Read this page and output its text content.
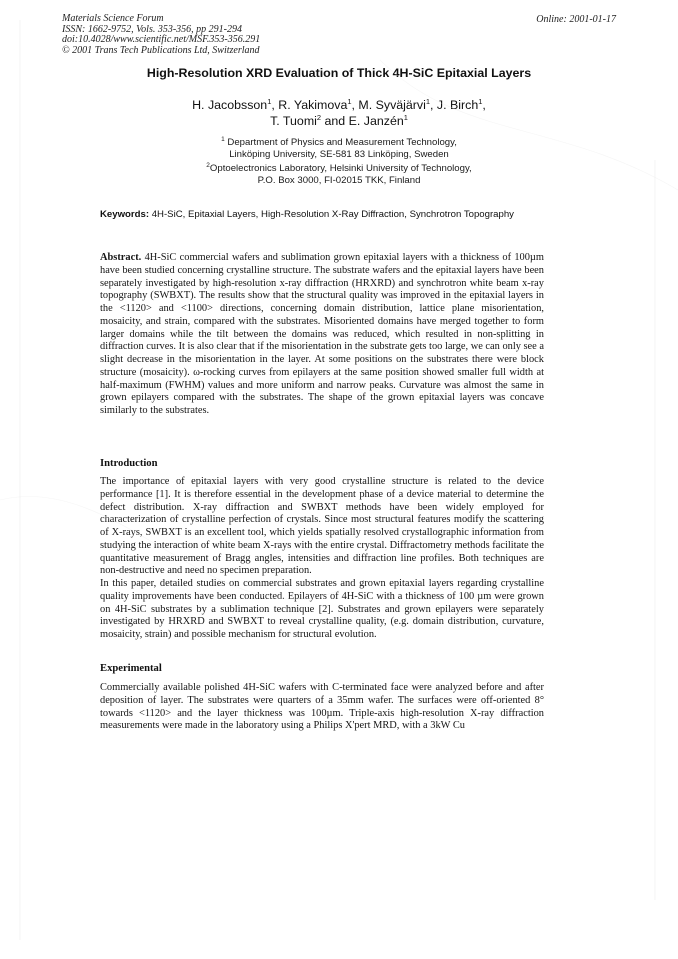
Materials Science Forum
ISSN: 1662-9752, Vols. 353-356, pp 291-294
doi:10.4028/www.scientific.net/MSF.353-356.291
© 2001 Trans Tech Publications Ltd, Switzerland
Online: 2001-01-17
High-Resolution XRD Evaluation of Thick 4H-SiC Epitaxial Layers
H. Jacobsson$^1$, R. Yakimova$^1$, M. Syväjärvi$^1$, J. Birch$^1$,
T. Tuomi$^2$ and E. Janzén$^1$
$^1$ Department of Physics and Measurement Technology,
Linköping University, SE-581 83 Linköping, Sweden
$^2$Optoelectronics Laboratory, Helsinki University of Technology,
P.O. Box 3000, FI-02015 TKK, Finland
Keywords: 4H-SiC, Epitaxial Layers, High-Resolution X-Ray Diffraction, Synchrotron Topography
Abstract. 4H-SiC commercial wafers and sublimation grown epitaxial layers with a thickness of 100µm have been studied concerning crystalline structure. The substrate wafers and the epitaxial layers have been separately investigated by high-resolution x-ray diffraction (HRXRD) and synchrotron white beam x-ray topography (SWBXT). The results show that the structural quality was improved in the epitaxial layers in the <1120> and <1100> directions, concerning domain distribution, lattice plane misorientation, mosaicity, and strain, compared with the substrates. Misoriented domains have merged together to form larger domains while the tilt between the domains was reduced, which resulted in non-splitting in diffraction curves. It is also clear that if the misorientation in the substrate gets too large, we can only see a slight decrease in the misorientation in the layer. At some positions on the substrates there were block structure (mosaicity). ω-rocking curves from epilayers at the same position showed smaller full width at half-maximum (FWHM) values and more uniform and narrow peaks. Curvature was almost the same in grown epilayers compared with the substrates. The shape of the grown epitaxial layers was concave similarly to the substrates.
Introduction

The importance of epitaxial layers with very good crystalline structure is related to the device performance [1]. It is therefore essential in the development phase of a device material to determine the defect distribution. X-ray diffraction and SWBXT methods have been widely employed for characterization of crystalline perfection of crystals. Since most structural features modify the scattering of X-rays, SWBXT is an excellent tool, which yields spatially resolved crystallographic information from studying the interaction of white beam X-rays with the entire crystal. Diffractometry methods facilitate the quantitative measurement of Bragg angles, intensities and diffraction line profiles. Both techniques are non-destructive and need no specimen preparation.

In this paper, detailed studies on commercial substrates and grown epitaxial layers regarding crystalline quality improvements have been conducted. Epilayers of 4H-SiC with a thickness of 100 µm were grown on 4H-SiC substrates by a sublimation technique [2]. Substrates and grown epilayers were separately investigated by HRXRD and SWBXT to reveal crystalline quality, (e.g. domain distribution, curvature, mosaicity, strain) and possible mechanism for structural evolution.

Experimental

Commercially available polished 4H-SiC wafers with C-terminated face were analyzed before and after deposition of layer. The substrates were quarters of a 35mm wafer. The surfaces were off-oriented 8° towards <1120> and the layer thickness was 100µm. Triple-axis high-resolution X-ray diffraction measurements were made in the laboratory using a Philips X'pert MRD, with a 3kW Cu
